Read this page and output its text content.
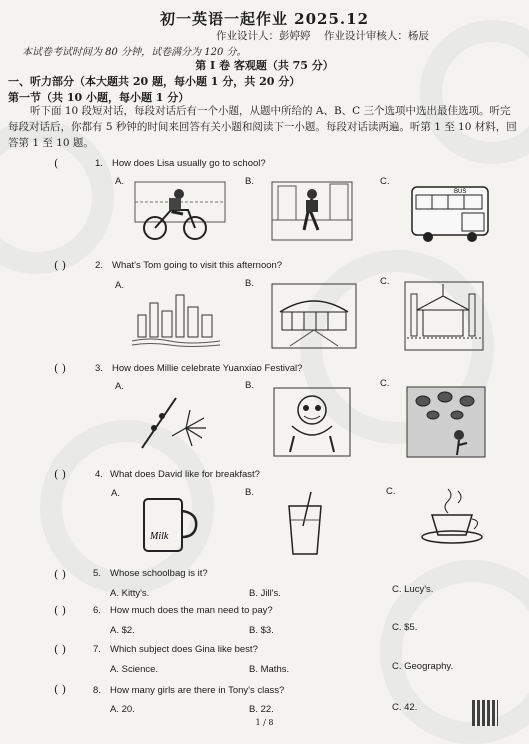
初一英语一起作业 2025.12
作业设计人：彭婷婷 作业设计审核人：杨辰
本试卷考试时间为 80 分钟，试卷满分为 120 分。
第 I 卷 客观题（共 75 分）
一、听力部分（本大题共 20 题，每小题 1 分，共 20 分）
第一节（共 10 小题，每小题 1 分）
听下面 10 段短对话，每段对话后有一个小题，从题中所给的 A、B、C 三个选项中选出最佳选项。听完每段对话后，你都有 5 秒钟的时间来回答有关小题和阅读下一小题。每段对话读两遍。听第 1 至 10 材料，回答第 1 至 10 题。
(	1. How does Lisa usually go to school?
A.	B.	C.
BUS
( )	2. What's Tom going to visit this afternoon?
A.	B.	C.
( )	3. How does Millie celebrate Yuanxiao Festival?
A.	B.	C.
( )	4. What does David like for breakfast?
A.	B.	C.
Milk
( )	5. Whose schoolbag is it?
A. Kitty's.	B. Jill's.	C. Lucy's.
( )	6. How much does the man need to pay?
A. $2.	B. $3.	C. $5.
( )	7. Which subject does Gina like best?
A. Science.	B. Maths.	C. Geography.
( )	8. How many girls are there in Tony's class?
A. 20.	B. 22.	C. 42.
1 / 8
